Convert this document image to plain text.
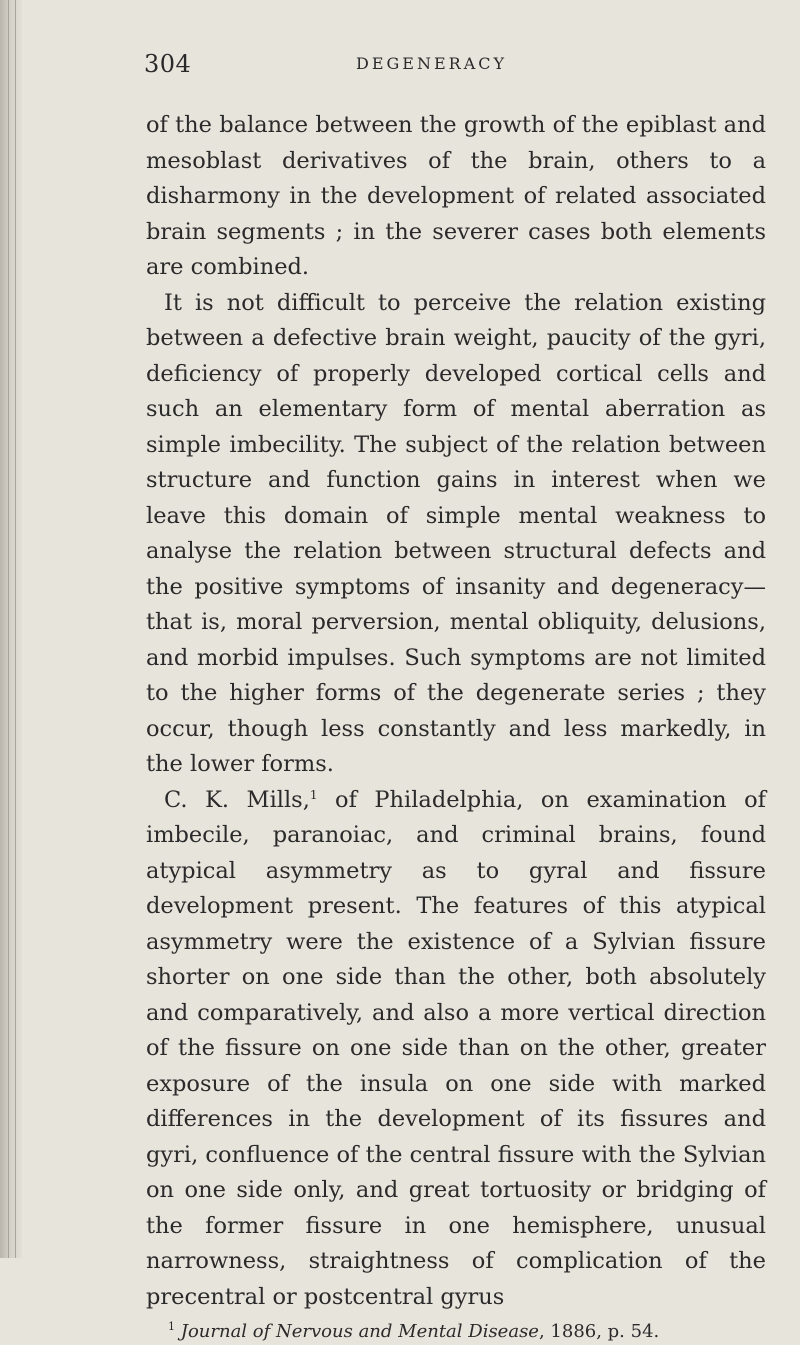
304	DEGENERACY

of the balance between the growth of the epiblast and mesoblast derivatives of the brain, others to a disharmony in the development of related associated brain segments ; in the severer cases both elements are combined.

It is not difficult to perceive the relation existing between a defective brain weight, paucity of the gyri, deficiency of properly developed cortical cells and such an elementary form of mental aberration as simple imbecility. The subject of the relation between structure and function gains in interest when we leave this domain of simple mental weakness to analyse the relation between structural defects and the positive symptoms of insanity and degeneracy—that is, moral perversion, mental obliquity, delusions, and morbid impulses. Such symptoms are not limited to the higher forms of the degenerate series ; they occur, though less constantly and less markedly, in the lower forms.

C. K. Mills,$^1$ of Philadelphia, on examination of imbecile, paranoiac, and criminal brains, found atypical asymmetry as to gyral and fissure development present. The features of this atypical asymmetry were the existence of a Sylvian fissure shorter on one side than the other, both absolutely and comparatively, and also a more vertical direction of the fissure on one side than on the other, greater exposure of the insula on one side with marked differences in the development of its fissures and gyri, confluence of the central fissure with the Sylvian on one side only, and great tortuosity or bridging of the former fissure in one hemisphere, unusual narrowness, straightness of complication of the precentral or postcentral gyrus

$^1$ Journal of Nervous and Mental Disease, 1886, p. 54.
